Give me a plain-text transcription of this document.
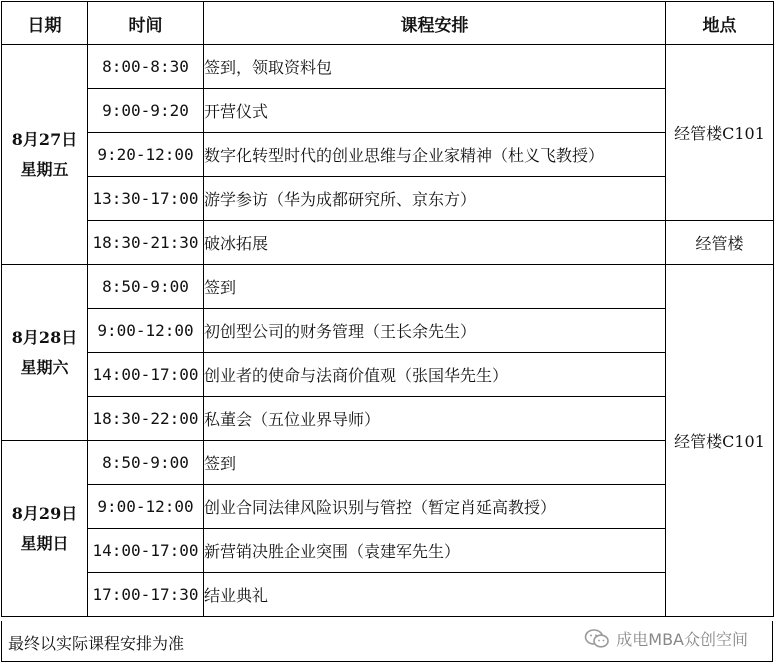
日期	时间	课程安排	地点

8月27日
星期五	8:00-8:30	签到，领取资料包	经管楼C101
	9:00-9:20	开营仪式	
	9:20-12:00	数字化转型时代的创业思维与企业家精神（杜义飞教授）	
	13:30-17:00	游学参访（华为成都研究所、京东方）	
	18:30-21:30	破冰拓展	经管楼

8月28日
星期六	8:50-9:00	签到	经管楼C101
	9:00-12:00	初创型公司的财务管理（王长余先生）	
	14:00-17:00	创业者的使命与法商价值观（张国华先生）	
	18:30-22:00	私董会（五位业界导师）	

8月29日
星期日	8:50-9:00	签到	
	9:00-12:00	创业合同法律风险识别与管控（暂定肖延高教授）	
	14:00-17:00	新营销决胜企业突围（袁建军先生）	
	17:00-17:30	结业典礼	
最终以实际课程安排为准	成电MBA众创空间
